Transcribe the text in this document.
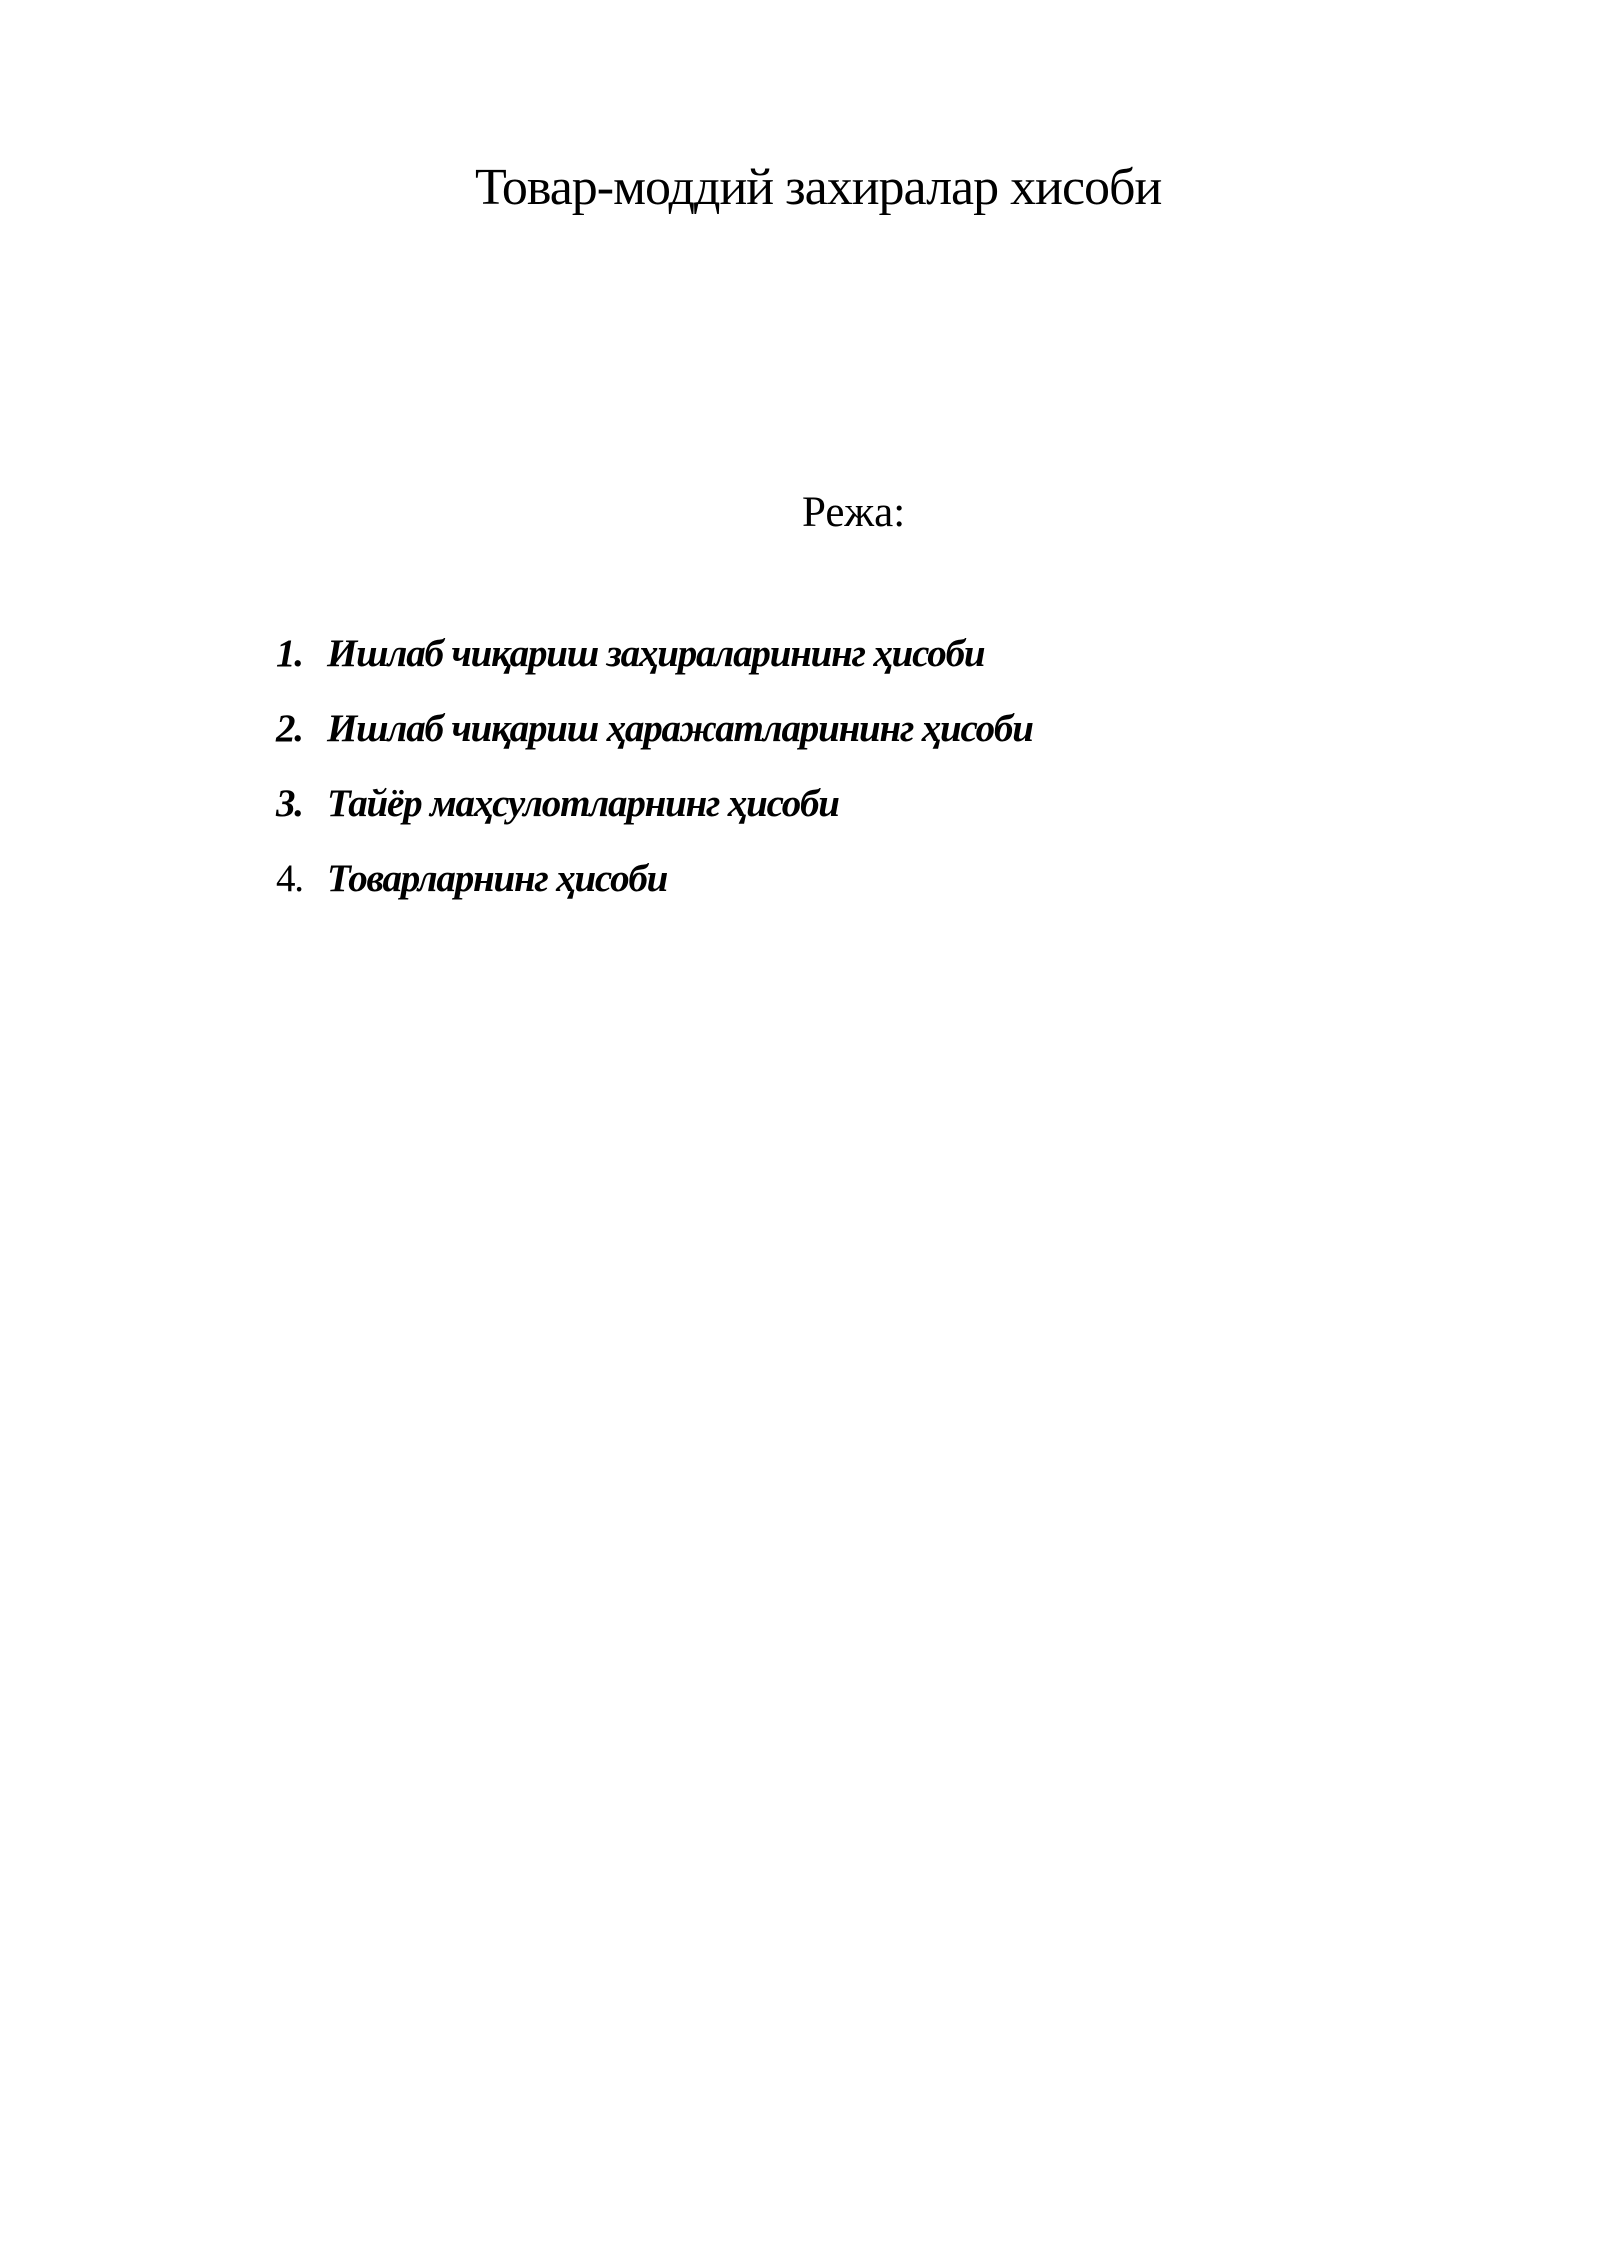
Товар-моддий захиралар хисоби

Режа:

1. Ишлаб чиқариш заҳираларининг ҳисоби
2. Ишлаб чиқариш ҳаражатларининг ҳисоби
3. Тайёр маҳсулотларнинг ҳисоби
4. Товарларнинг ҳисоби
